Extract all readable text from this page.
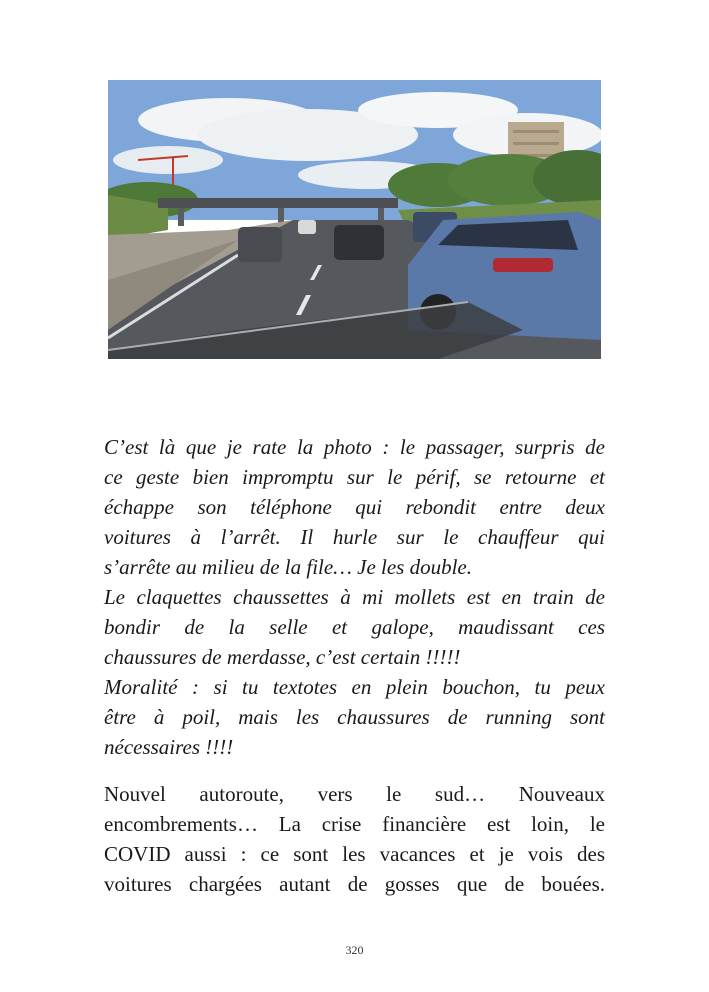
C’est là que je rate la photo : le passager, surpris de
ce geste bien impromptu sur le périf, se retourne et
échappe son téléphone qui rebondit entre deux
voitures à l’arrêt. Il hurle sur le chauffeur qui
s’arrête au milieu de la file… Je les double.
Le claquettes chaussettes à mi mollets est en train de
bondir de la selle et galope, maudissant ces
chaussures de merdasse, c’est certain !!!!!
Moralité : si tu textotes en plein bouchon, tu peux
être à poil, mais les chaussures de running sont
nécessaires !!!!
Nouvel autoroute, vers le sud… Nouveaux
encombrements… La crise financière est loin, le
COVID aussi : ce sont les vacances et je vois des
voitures chargées autant de gosses que de bouées.
320
